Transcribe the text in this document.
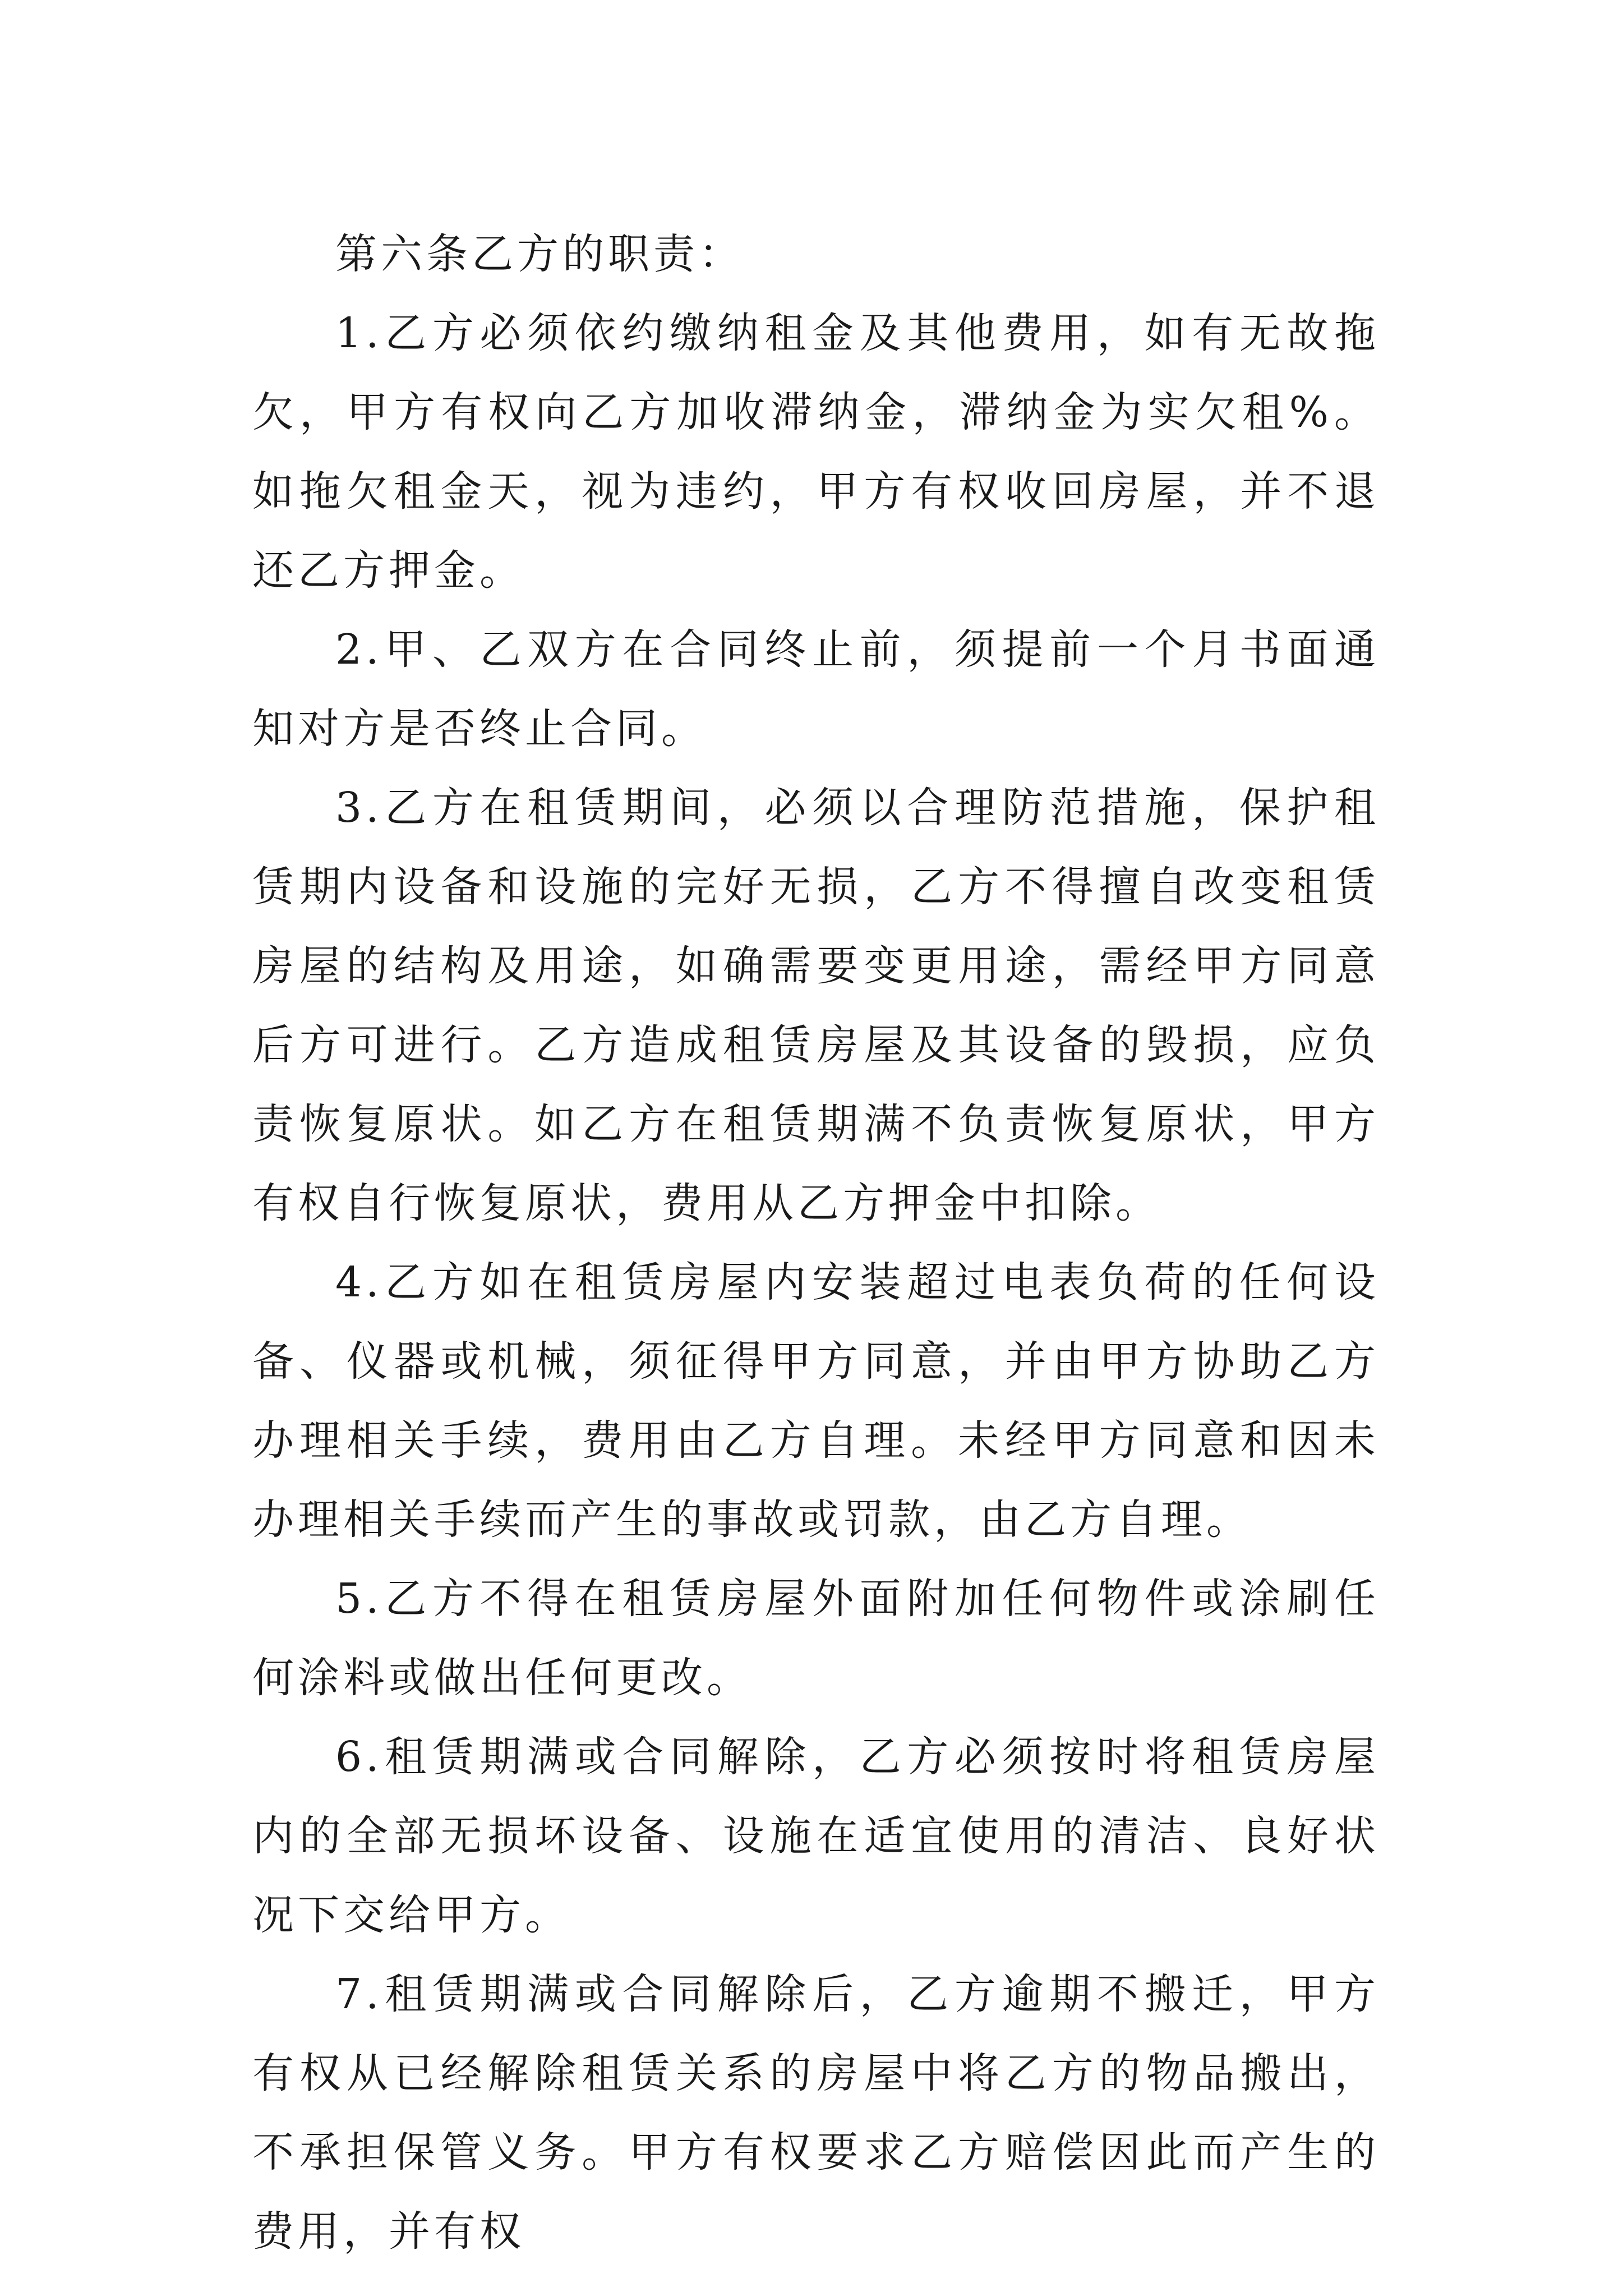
第六条乙方的职责：

1.乙方必须依约缴纳租金及其他费用，如有无故拖欠，甲方有权向乙方加收滞纳金，滞纳金为实欠租%。如拖欠租金天，视为违约，甲方有权收回房屋，并不退还乙方押金。

2.甲、乙双方在合同终止前，须提前一个月书面通知对方是否终止合同。

3.乙方在租赁期间，必须以合理防范措施，保护租赁期内设备和设施的完好无损，乙方不得擅自改变租赁房屋的结构及用途，如确需要变更用途，需经甲方同意后方可进行。乙方造成租赁房屋及其设备的毁损，应负责恢复原状。如乙方在租赁期满不负责恢复原状，甲方有权自行恢复原状，费用从乙方押金中扣除。

4.乙方如在租赁房屋内安装超过电表负荷的任何设备、仪器或机械，须征得甲方同意，并由甲方协助乙方办理相关手续，费用由乙方自理。未经甲方同意和因未办理相关手续而产生的事故或罚款，由乙方自理。

5.乙方不得在租赁房屋外面附加任何物件或涂刷任何涂料或做出任何更改。

6.租赁期满或合同解除，乙方必须按时将租赁房屋内的全部无损坏设备、设施在适宜使用的清洁、良好状况下交给甲方。

7.租赁期满或合同解除后，乙方逾期不搬迁，甲方有权从已经解除租赁关系的房屋中将乙方的物品搬出，不承担保管义务。甲方有权要求乙方赔偿因此而产生的费用，并有权
